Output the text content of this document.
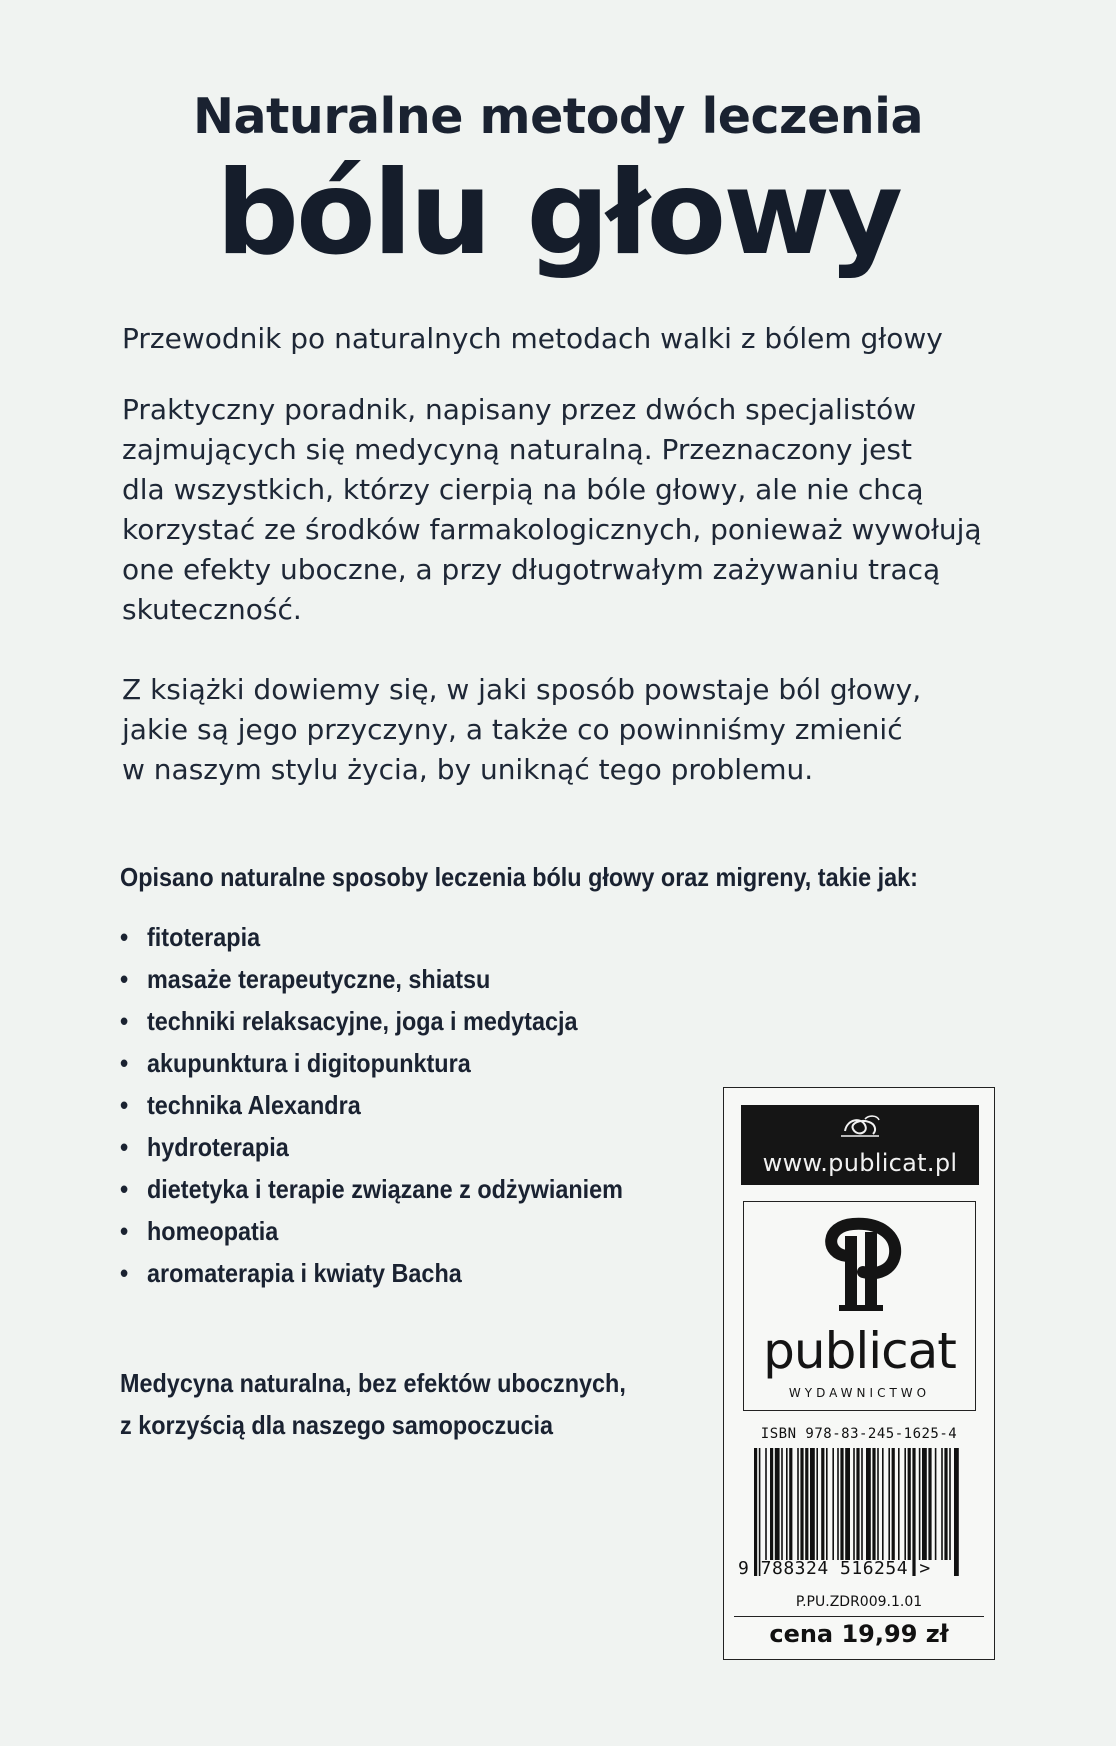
Naturalne metody leczenia
bólu głowy
Przewodnik po naturalnych metodach walki z bólem głowy
Praktyczny poradnik, napisany przez dwóch specjalistów
zajmujących się medycyną naturalną. Przeznaczony jest
dla wszystkich, którzy cierpią na bóle głowy, ale nie chcą
korzystać ze środków farmakologicznych, ponieważ wywołują
one efekty uboczne, a przy długotrwałym zażywaniu tracą
skuteczność.
Z książki dowiemy się, w jaki sposób powstaje ból głowy,
jakie są jego przyczyny, a także co powinniśmy zmienić
w naszym stylu życia, by uniknąć tego problemu.
Opisano naturalne sposoby leczenia bólu głowy oraz migreny, takie jak:
• fitoterapia
• masaże terapeutyczne, shiatsu
• techniki relaksacyjne, joga i medytacja
• akupunktura i digitopunktura
• technika Alexandra
• hydroterapia
• dietetyka i terapie związane z odżywianiem
• homeopatia
• aromaterapia i kwiaty Bacha
Medycyna naturalna, bez efektów ubocznych,
z korzyścią dla naszego samopoczucia
www.publicat.pl
P
publicat
WYDAWNICTWO
ISBN 978-83-245-1625-4
9 788324 516254 >
P.PU.ZDR009.1.01
cena 19,99 zł
